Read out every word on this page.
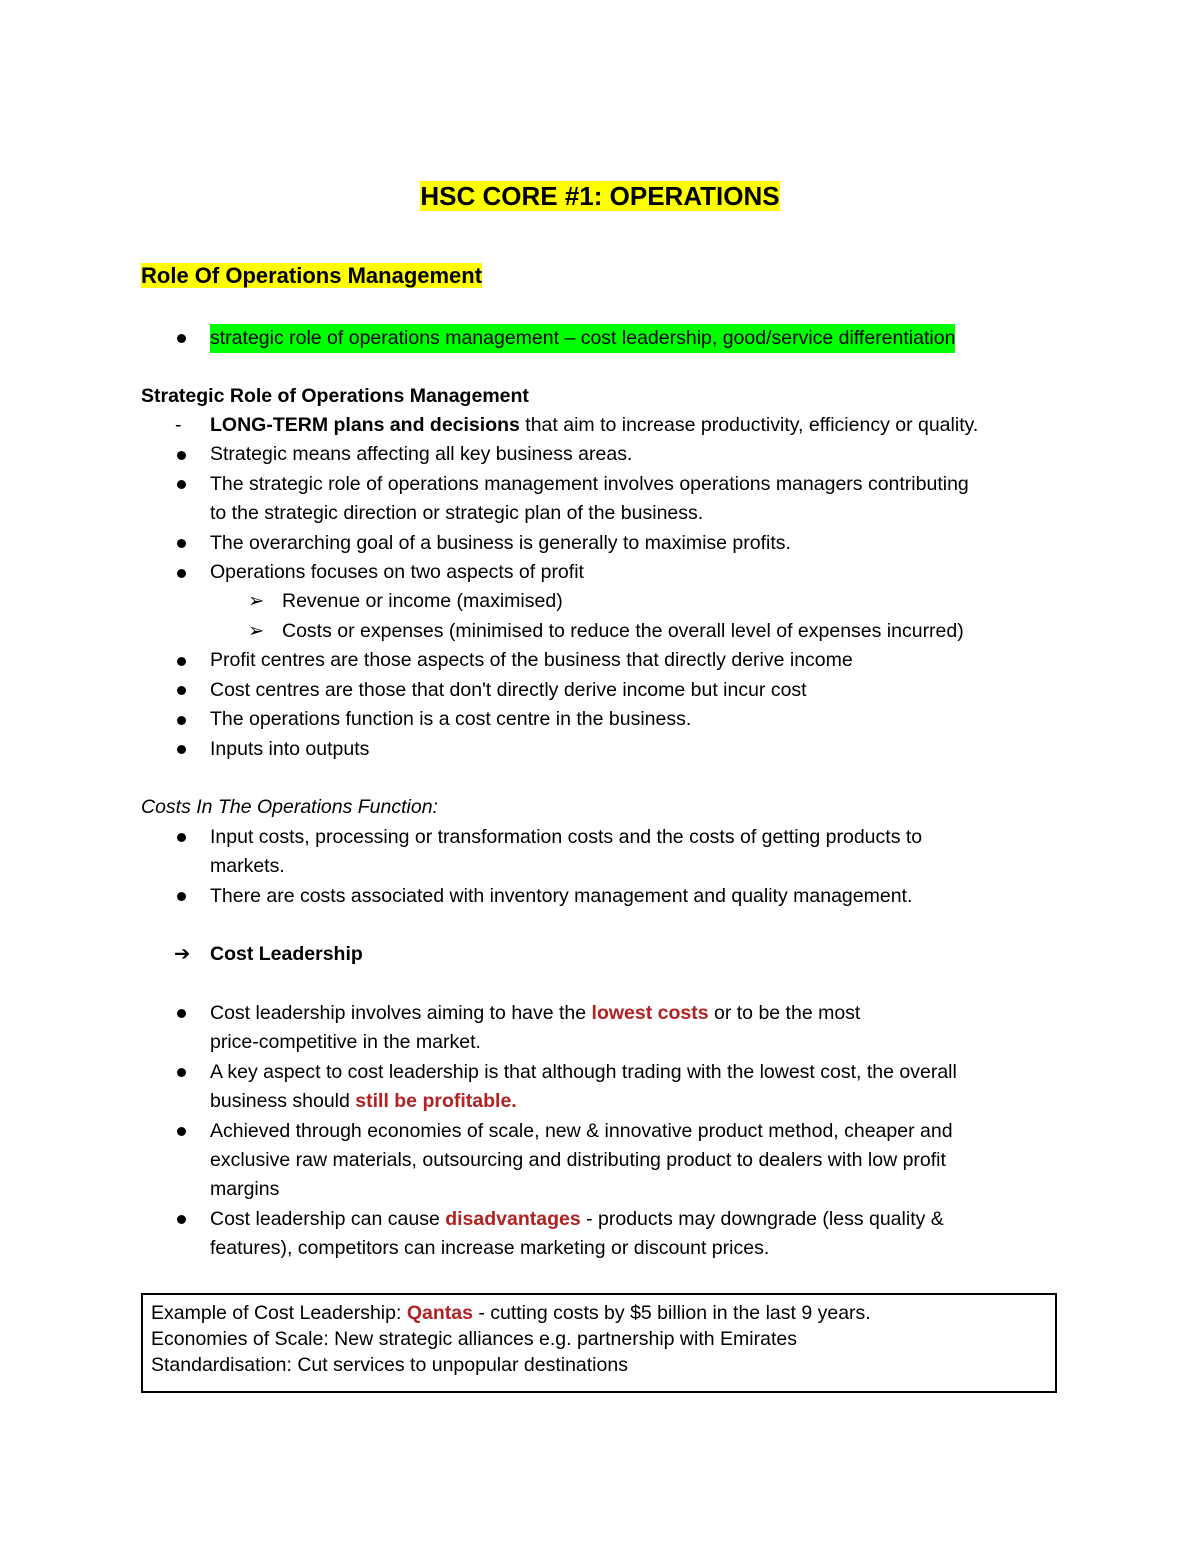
HSC CORE #1: OPERATIONS
Role Of Operations Management
strategic role of operations management – cost leadership, good/service differentiation
Strategic Role of Operations Management
- LONG-TERM plans and decisions that aim to increase productivity, efficiency or quality.
Strategic means affecting all key business areas.
The strategic role of operations management involves operations managers contributing
to the strategic direction or strategic plan of the business.
The overarching goal of a business is generally to maximise profits.
Operations focuses on two aspects of profit
➢ Revenue or income (maximised)
➢ Costs or expenses (minimised to reduce the overall level of expenses incurred)
Profit centres are those aspects of the business that directly derive income
Cost centres are those that don't directly derive income but incur cost
The operations function is a cost centre in the business.
Inputs into outputs
Costs In The Operations Function:
Input costs, processing or transformation costs and the costs of getting products to
markets.
There are costs associated with inventory management and quality management.
➔ Cost Leadership
Cost leadership involves aiming to have the lowest costs or to be the most
price-competitive in the market.
A key aspect to cost leadership is that although trading with the lowest cost, the overall
business should still be profitable.
Achieved through economies of scale, new & innovative product method, cheaper and
exclusive raw materials, outsourcing and distributing product to dealers with low profit
margins
Cost leadership can cause disadvantages - products may downgrade (less quality &
features), competitors can increase marketing or discount prices.
Example of Cost Leadership: Qantas - cutting costs by $5 billion in the last 9 years.
Economies of Scale: New strategic alliances e.g. partnership with Emirates
Standardisation: Cut services to unpopular destinations
